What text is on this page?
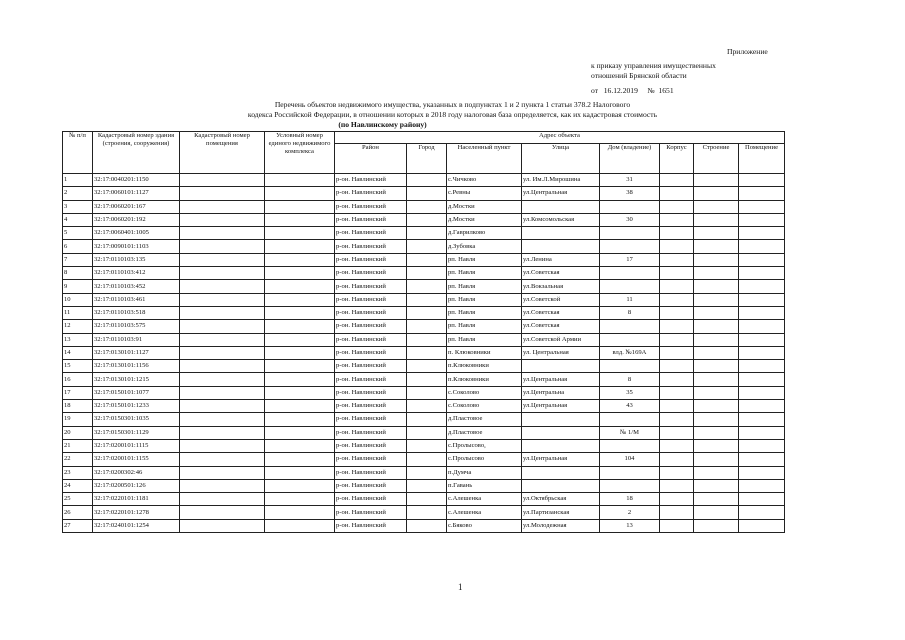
Приложение
к приказу управления имущественных
отношений Брянской области
от 16.12.2019 № 1651
Перечень объектов недвижимого имущества, указанных в подпунктах 1 и 2 пункта 1 статьи 378.2 Налогового
кодекса Российской Федерации, в отношении которых в 2018 году налоговая база определяется, как их кадастровая стоимость
(по Навлинскому району)
№ п/п	Кадастровый номер здания (строения, сооружения)	Кадастровый номер помещения	Условный номер единого недвижимого комплекса	Адрес объекта							
				Район	Город	Населенный пункт	Улица	Дом (владение)	Корпус	Строение	Помещение
1	32:17:0040201:1150			р-он. Навлинский		с.Чичково	ул. Им.Л.Мирошина	31			
2	32:17:0060101:1127			р-он. Навлинский		с.Ревны	ул.Центральная	38			
3	32:17:0060201:167			р-он. Навлинский		д.Мостки					
4	32:17:0060201:192			р-он. Навлинский		д.Мостки	ул.Комсомольская	30			
5	32:17:0060401:1005			р-он. Навлинский		д.Гаврилково					
6	32:17:0090101:1103			р-он. Навлинский		д.Зубовка					
7	32:17:0110103:135			р-он. Навлинский		рп. Навля	ул.Ленина	17			
8	32:17:0110103:412			р-он. Навлинский		рп. Навля	ул.Советская				
9	32:17:0110103:452			р-он. Навлинский		рп. Навля	ул.Вокзальная				
10	32:17:0110103:461			р-он. Навлинский		рп. Навля	ул.Советской	11			
11	32:17:0110103:518			р-он. Навлинский		рп. Навля	ул.Советская	8			
12	32:17:0110103:575			р-он. Навлинский		рп. Навля	ул.Советская				
13	32:17:0110103:91			р-он. Навлинский		рп. Навля	ул.Советской Армии				
14	32:17:0130101:1127			р-он. Навлинский		п. Клюковники	ул. Центральная	влд. №169А			
15	32:17:0130101:1156			р-он. Навлинский		п.Клюковники					
16	32:17:0130101:1215			р-он. Навлинский		п.Клюковники	ул.Центральная	8			
17	32:17:0150101:1077			р-он. Навлинский		с.Соколово	ул.Центральна	35			
18	32:17:0150101:1233			р-он. Навлинский		с.Соколово	ул.Центральная	43			
19	32:17:0150301:1035			р-он. Навлинский		д.Пластовое					
20	32:17:0150301:1129			р-он. Навлинский		д.Пластовое		№ 1/М			
21	32:17:0200101:1115			р-он. Навлинский		с.Пролысово,					
22	32:17:0200101:1155			р-он. Навлинский		с.Пролысово	ул.Центральная	104			
23	32:17:0200302:46			р-он. Навлинский		п.Думча					
24	32:17:0200501:126			р-он. Навлинский		п.Гавань					
25	32:17:0220101:1181			р-он. Навлинский		с.Алешенка	ул.Октябрьская	18			
26	32:17:0220101:1278			р-он. Навлинский		с.Алешенка	ул.Партизанская	2			
27	32:17:0240101:1254			р-он. Навлинский		с.Бяково	ул.Молодежная	13			
1
